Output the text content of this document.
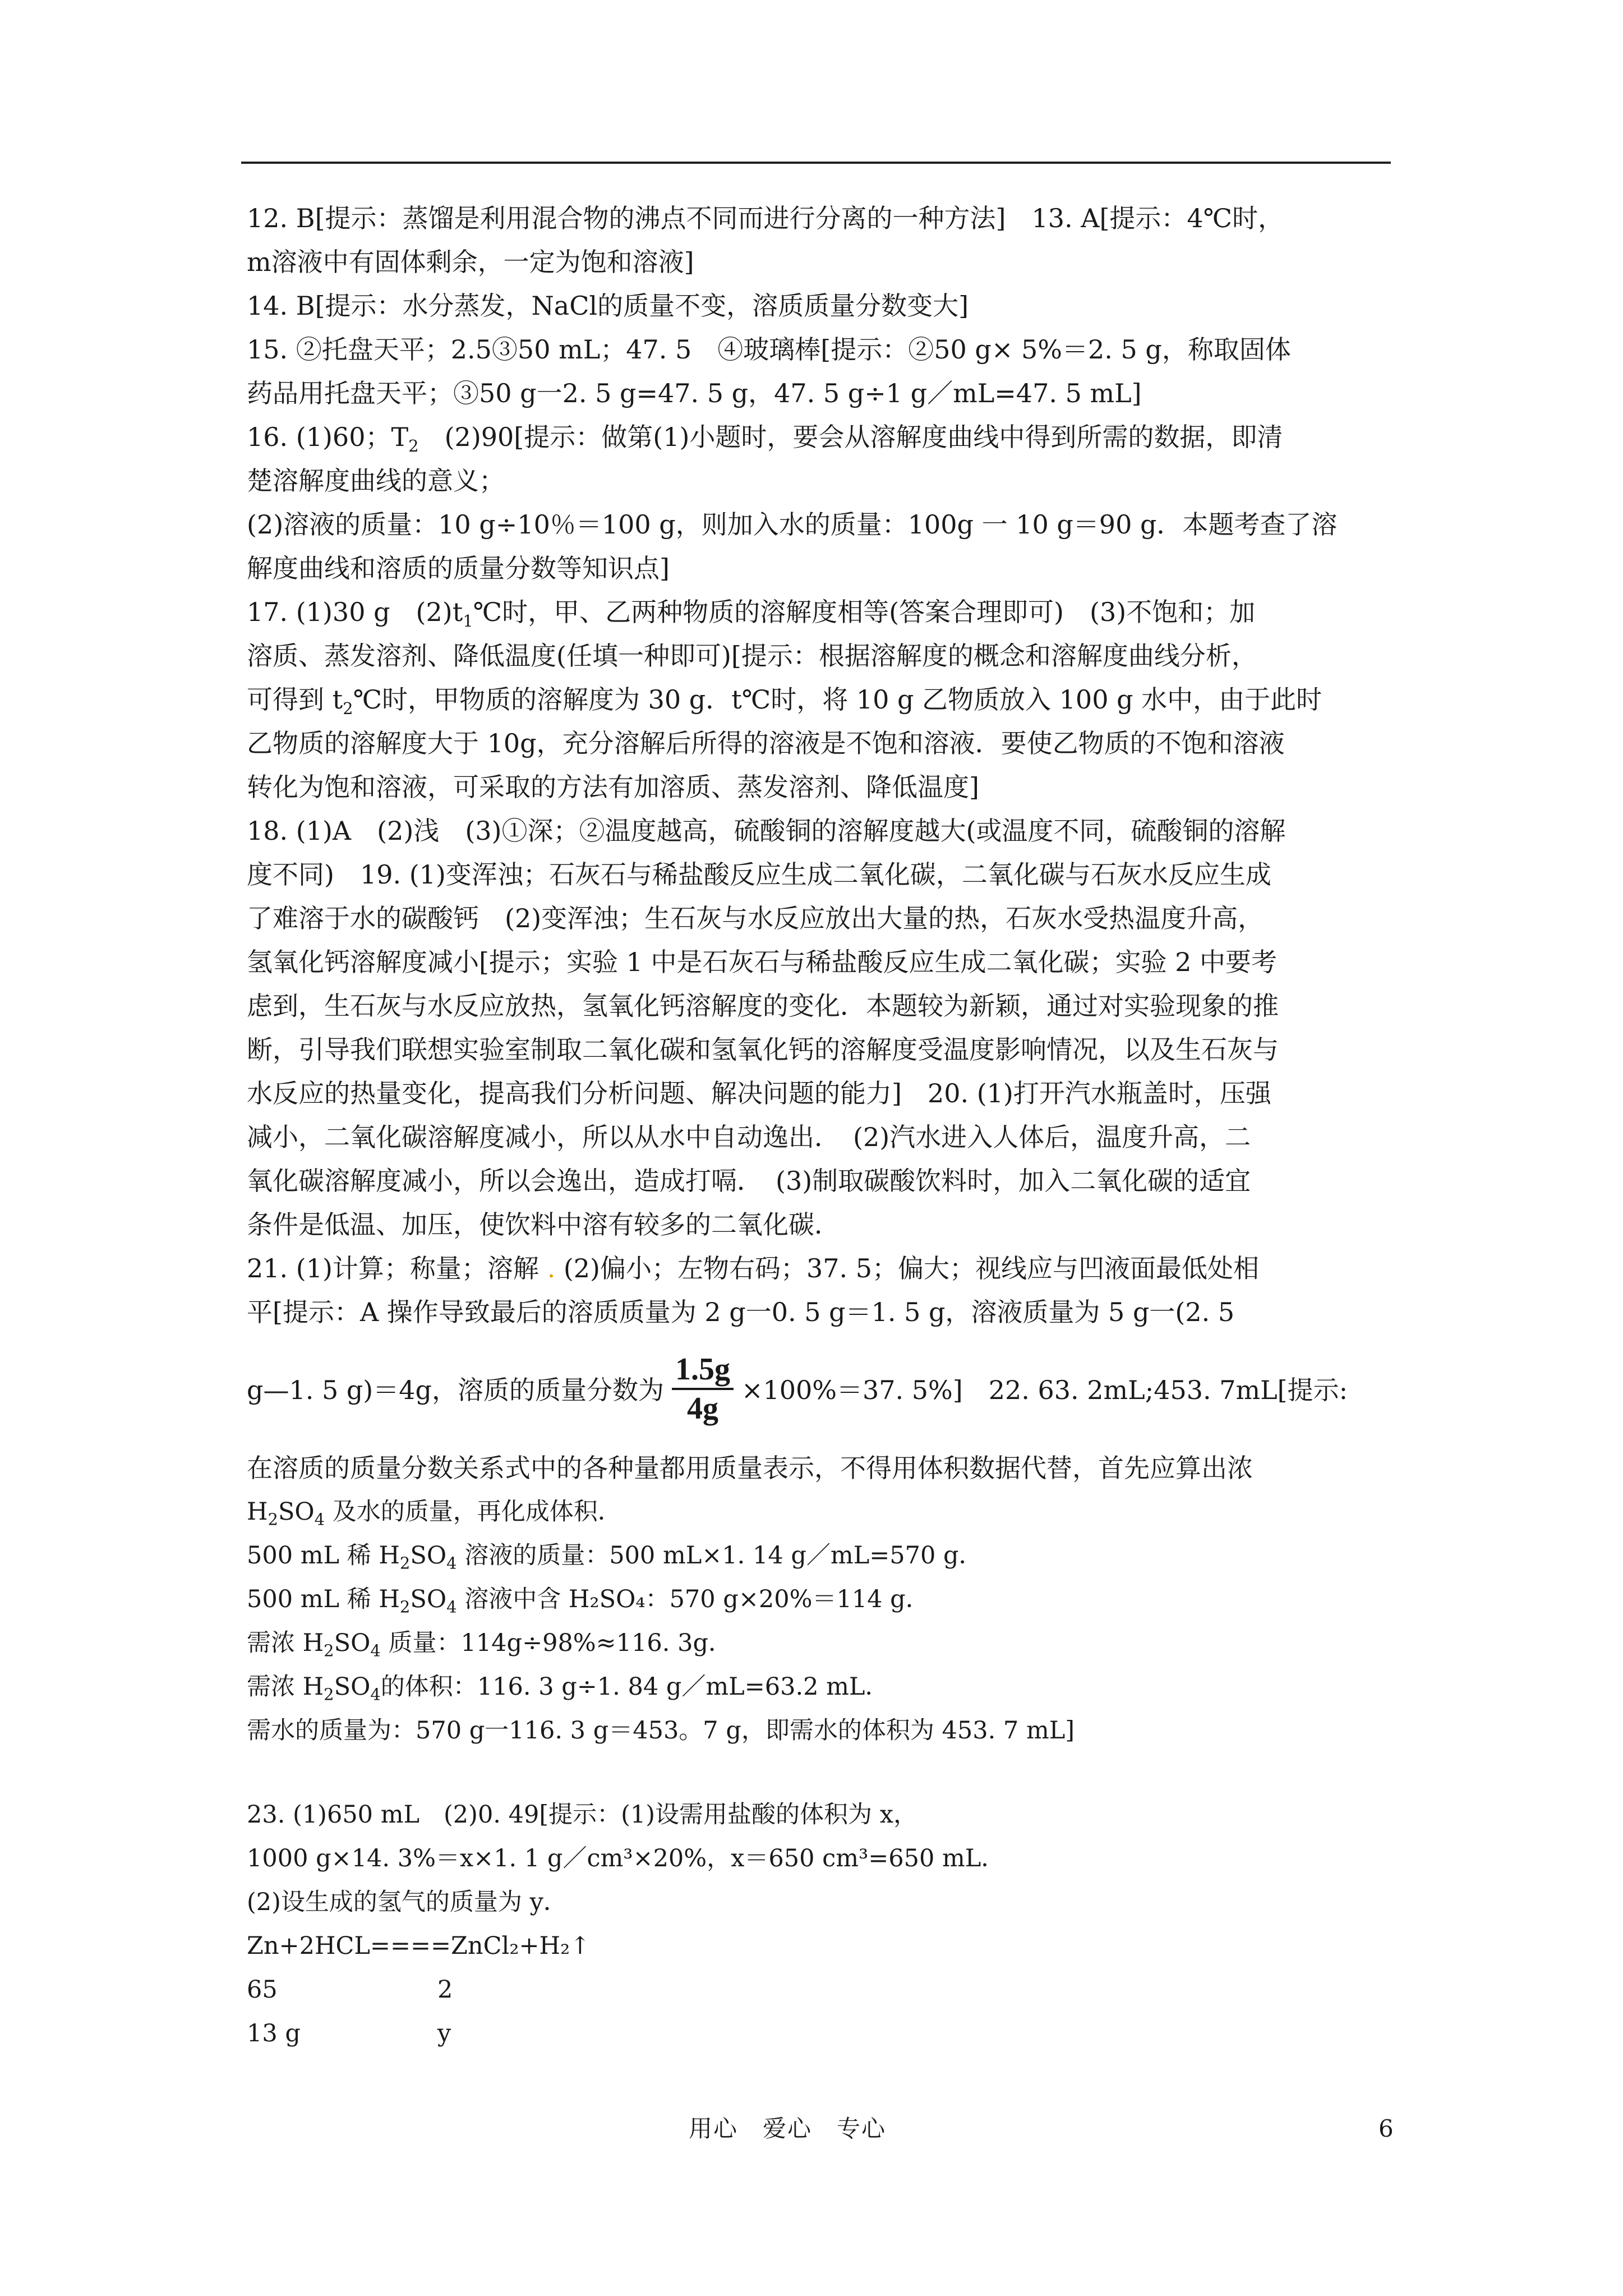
12. B[提示：蒸馏是利用混合物的沸点不同而进行分离的一种方法]　13. A[提示：4℃时，
m溶液中有固体剩余，一定为饱和溶液]
14. B[提示：水分蒸发，NaCl的质量不变，溶质质量分数变大]
15. ②托盘天平；2.5③50 mL；47. 5　④玻璃棒[提示：②50 g× 5%＝2. 5 g，称取固体
药品用托盘天平；③50 g一2. 5 g=47. 5 g，47. 5 g÷1 g／mL=47. 5 mL]
16. (1)60；$T_2$　(2)90[提示：做第(1)小题时，要会从溶解度曲线中得到所需的数据，即清
楚溶解度曲线的意义；
(2)溶液的质量：10 g÷10％＝100 g，则加入水的质量：100g 一 10 g＝90 g．本题考查了溶
解度曲线和溶质的质量分数等知识点]
17. (1)30 g　$(2)t_1℃$时，甲、乙两种物质的溶解度相等(答案合理即可)　(3)不饱和；加
溶质、蒸发溶剂、降低温度(任填一种即可)[提示：根据溶解度的概念和溶解度曲线分析，
可得到 $t_2℃$时，甲物质的溶解度为 30 g．t℃时，将 10 g 乙物质放入 100 g 水中，由于此时
乙物质的溶解度大于 10g，充分溶解后所得的溶液是不饱和溶液．要使乙物质的不饱和溶液
转化为饱和溶液，可采取的方法有加溶质、蒸发溶剂、降低温度]
18. (1)A　(2)浅　(3)①深；②温度越高，硫酸铜的溶解度越大(或温度不同，硫酸铜的溶解
度不同)　19. (1)变浑浊；石灰石与稀盐酸反应生成二氧化碳，二氧化碳与石灰水反应生成
了难溶于水的碳酸钙　(2)变浑浊；生石灰与水反应放出大量的热，石灰水受热温度升高，
氢氧化钙溶解度减小[提示；实验 1 中是石灰石与稀盐酸反应生成二氧化碳；实验 2 中要考
虑到，生石灰与水反应放热，氢氧化钙溶解度的变化．本题较为新颖，通过对实验现象的推
断，引导我们联想实验室制取二氧化碳和氢氧化钙的溶解度受温度影响情况，以及生石灰与
水反应的热量变化，提高我们分析问题、解决问题的能力]　20. (1)打开汽水瓶盖时，压强
减小，二氧化碳溶解度减小，所以从水中自动逸出．　(2)汽水进入人体后，温度升高，二
氧化碳溶解度减小，所以会逸出，造成打嗝．　(3)制取碳酸饮料时，加入二氧化碳的适宜
条件是低温、加压，使饮料中溶有较多的二氧化碳．
21. (1)计算；称量；溶解 . (2)偏小；左物右码；37. 5；偏大；视线应与凹液面最低处相
平[提示：A 操作导致最后的溶质质量为 2 g一0. 5 g＝1. 5 g，溶液质量为 5 g一(2. 5
g—1. 5 g)＝4g，溶质的质量分数为 $\frac{1.5g}{4g} \times 100\%=37$. 5%]　22. 63. 2mL;453. 7mL[提示:
在溶质的质量分数关系式中的各种量都用质量表示，不得用体积数据代替，首先应算出浓
$H_2SO_4$ 及水的质量，再化成体积．
500 mL 稀 $H_2SO_4$ 溶液的质量：500 mL×1. 14 g／mL=570 g．
500 mL 稀 $H_2SO_4$ 溶液中含 H₂SO₄：570 g×20%＝114 g．
需浓 $H_2SO_4$ 质量：114g÷98%≈116. 3g．
需浓 $H_2SO_4$的体积：116. 3 g÷1. 84 g／mL=63.2 mL．
需水的质量为：570 g一116. 3 g＝453。7 g，即需水的体积为 453. 7 mL]
23. (1)650 mL　(2)0. 49[提示：(1)设需用盐酸的体积为 x，
1000 g×14. 3%＝x×1. 1 g／cm³×20%，x＝650 cm³=650 mL．
(2)设生成的氢气的质量为 y．
Zn+2HCL====ZnCl₂+H₂↑
65	2
13 g	y
用心　爱心　专心	6
